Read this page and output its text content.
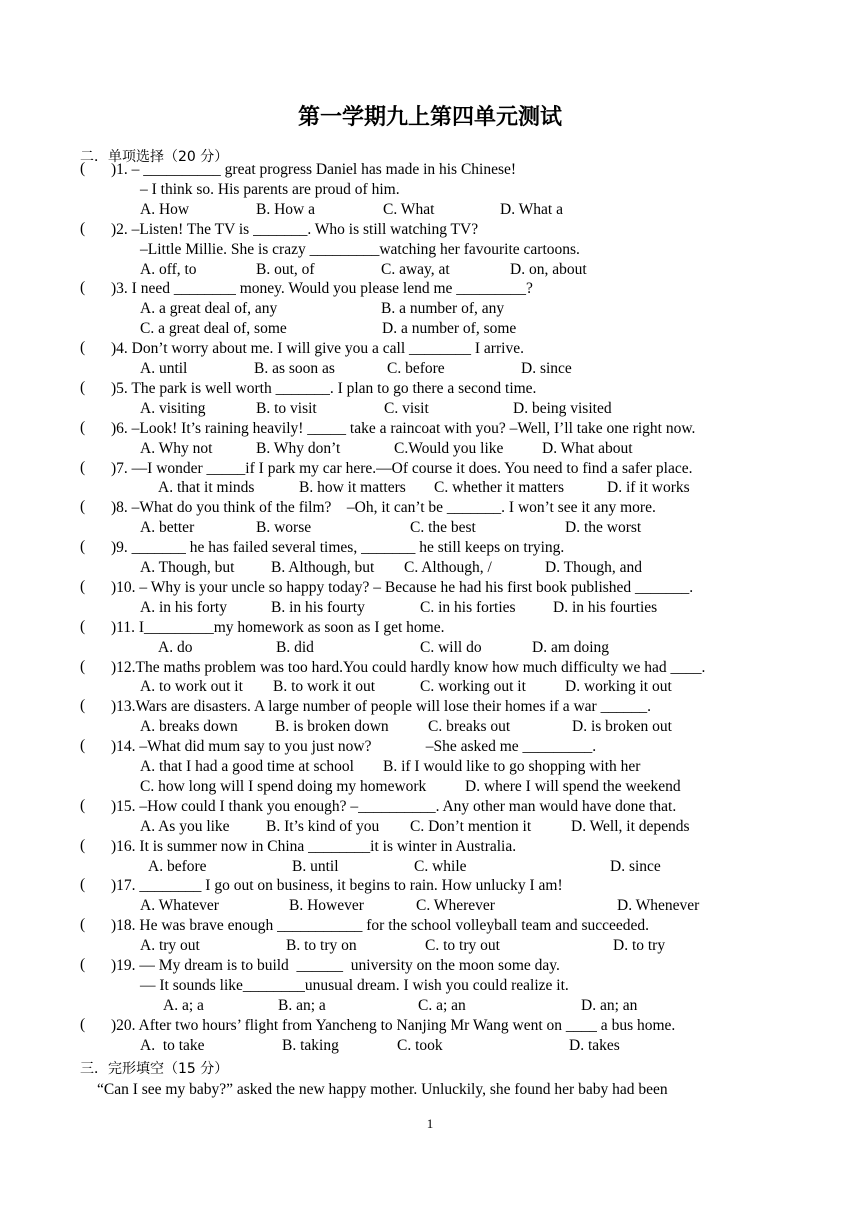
第一学期九上第四单元测试
二．单项选择（20 分）
( )1. – __________ great progress Daniel has made in his Chinese!
– I think so. His parents are proud of him.
A. How	B. How a	C. What	D. What a
( )2. –Listen! The TV is _______. Who is still watching TV?
–Little Millie. She is crazy _________watching her favourite cartoons.
A. off, to	B. out, of	C. away, at	D. on, about
( )3. I need ________ money. Would you please lend me _________?
A. a great deal of, any	B. a number of, any
C. a great deal of, some	D. a number of, some
( )4. Don’t worry about me. I will give you a call ________ I arrive.
A. until	B. as soon as	C. before	D. since
( )5. The park is well worth _______. I plan to go there a second time.
A. visiting	B. to visit	C. visit	D. being visited
( )6. –Look! It’s raining heavily! _____ take a raincoat with you? –Well, I’ll take one right now.
A. Why not	B. Why don’t	C.Would you like D. What about
( )7. —I wonder _____if I park my car here.—Of course it does. You need to find a safer place.
A. that it minds	B. how it matters C. whether it matters	D. if it works
( )8. –What do you think of the film?    –Oh, it can’t be _______. I won’t see it any more.
A. better	B. worse	C. the best	D. the worst
( )9. _______ he has failed several times, _______ he still keeps on trying.
A. Though, but B. Although, but C. Although, /	D. Though, and
( )10. – Why is your uncle so happy today? – Because he had his first book published _______.
A. in his forty	B. in his fourty	C. in his forties D. in his fourties
( )11. I_________my homework as soon as I get home.
A. do	B. did	C. will do	D. am doing
( )12.The maths problem was too hard.You could hardly know how much difficulty we had ____.
A. to work out it B. to work it out	C. working out it	D. working it out
( )13.Wars are disasters. A large number of people will lose their homes if a war ______.
A. breaks down B. is broken down	C. breaks out	D. is broken out
( )14. –What did mum say to you just now?              –She asked me _________.
A. that I had a good time at school B. if I would like to go shopping with her
C. how long will I spend doing my homework D. where I will spend the weekend
( )15. –How could I thank you enough? –__________. Any other man would have done that.
A. As you like B. It’s kind of you C. Don’t mention it	D. Well, it depends
( )16. It is summer now in China ________it is winter in Australia.
A. before	B. until	C. while	D. since
( )17. ________ I go out on business, it begins to rain. How unlucky I am!
A. Whatever	B. However	C. Wherever	D. Whenever
( )18. He was brave enough ___________ for the school volleyball team and succeeded.
A. try out	B. to try on	C. to try out	D. to try
( )19. — My dream is to build  ______  university on the moon some day.
— It sounds like________unusual dream. I wish you could realize it.
A. a; a	B. an; a	C. a; an	D. an; an
( )20. After two hours’ flight from Yancheng to Nanjing Mr Wang went on ____ a bus home.
A.  to take	B. taking	C. took	D. takes
三．完形填空（15 分）
“Can I see my baby?” asked the new happy mother. Unluckily, she found her baby had been
1
